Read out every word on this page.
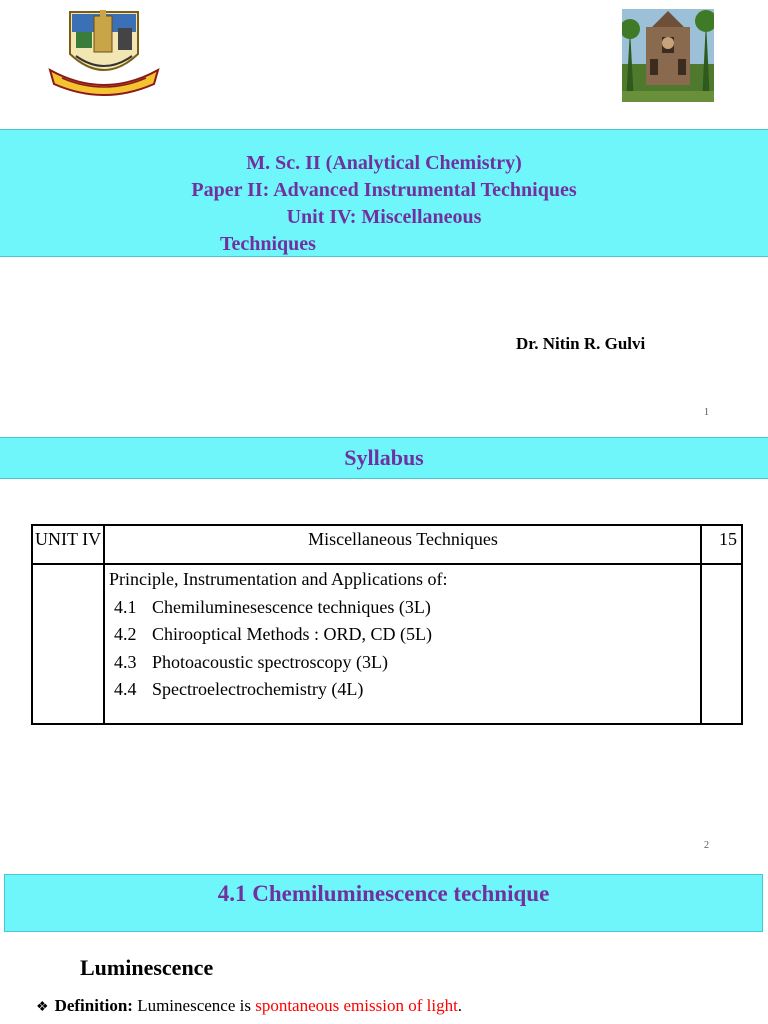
M. Sc. II (Analytical Chemistry)
Paper II: Advanced Instrumental Techniques
Unit IV: Miscellaneous
Techniques
Dr. Nitin R. Gulvi
1
Syllabus
UNIT IV	Miscellaneous Techniques	15
Principle, Instrumentation and Applications of:
4.1 Chemiluminesescence techniques (3L)
4.2 Chirooptical Methods : ORD, CD (5L)
4.3 Photoacoustic spectroscopy (3L)
4.4 Spectroelectrochemistry (4L)
2
4.1 Chemiluminescence technique
Luminescence
❖ Definition: Luminescence is spontaneous emission of light.
